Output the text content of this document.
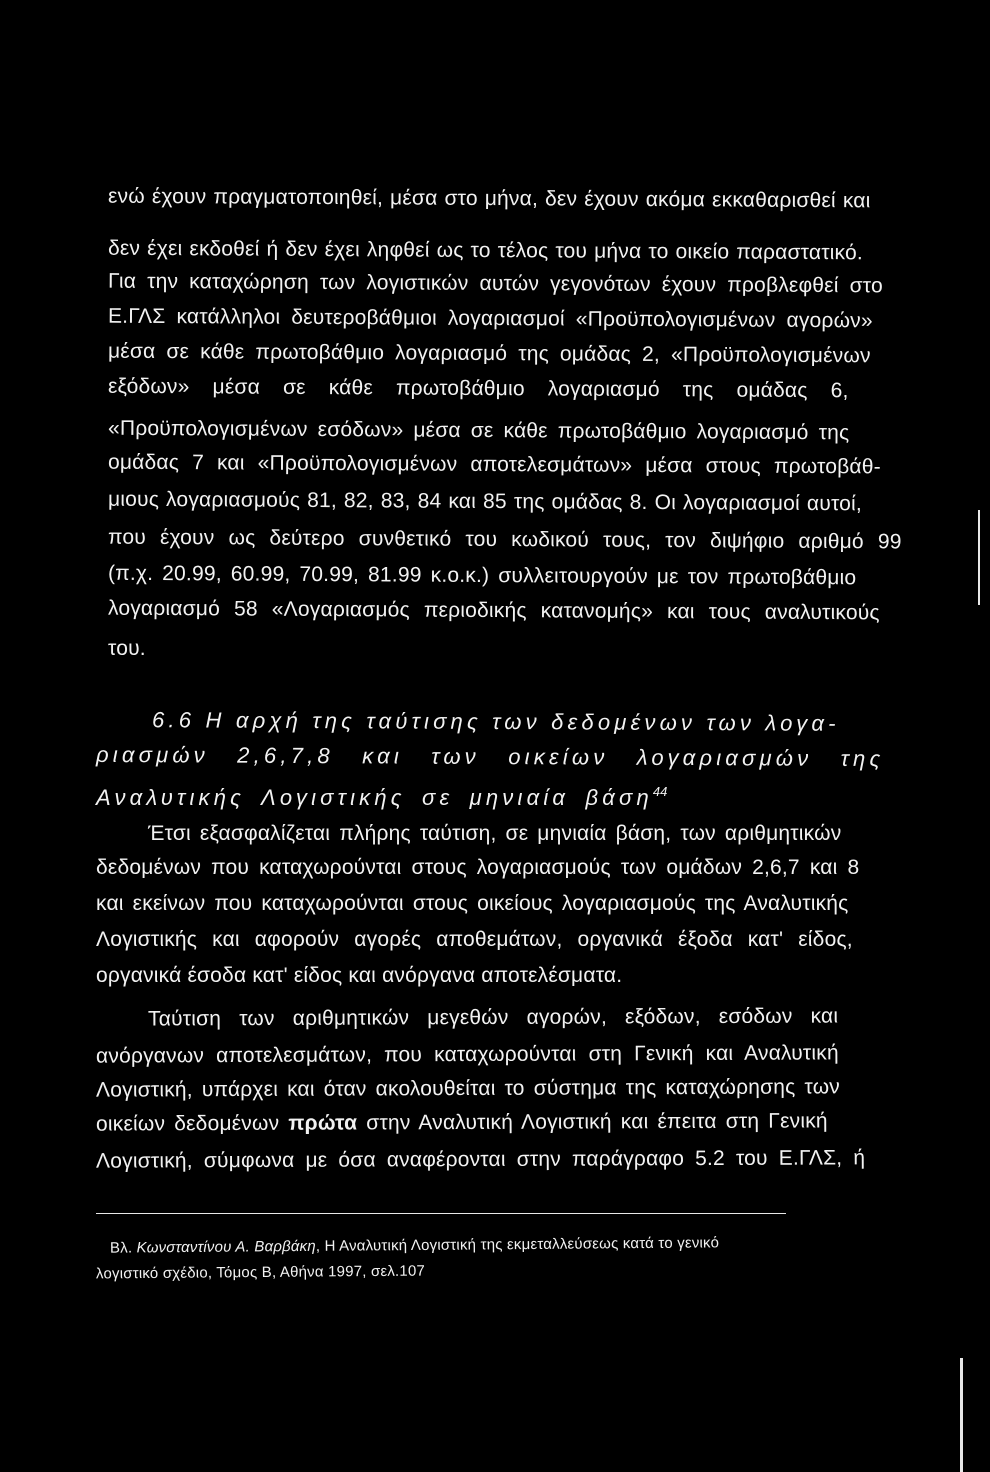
ενώ έχουν πραγματοποιηθεί, μέσα στο μήνα, δεν έχουν ακόμα εκκαθαρισθεί και
δεν έχει εκδοθεί ή δεν έχει ληφθεί ως το τέλος του μήνα το οικείο παραστατικό.
Για την καταχώρηση των λογιστικών αυτών γεγονότων έχουν προβλεφθεί στο
Ε.ΓΛΣ κατάλληλοι δευτεροβάθμιοι λογαριασμοί «Προϋπολογισμένων αγορών»
μέσα σε κάθε πρωτοβάθμιο λογαριασμό της ομάδας 2, «Προϋπολογισμένων
εξόδων» μέσα σε κάθε πρωτοβάθμιο λογαριασμό της ομάδας 6,
«Προϋπολογισμένων εσόδων» μέσα σε κάθε πρωτοβάθμιο λογαριασμό της
ομάδας 7 και «Προϋπολογισμένων αποτελεσμάτων» μέσα στους πρωτοβάθ-
μιους λογαριασμούς 81, 82, 83, 84 και 85 της ομάδας 8. Οι λογαριασμοί αυτοί,
που έχουν ως δεύτερο συνθετικό του κωδικού τους, τον διψήφιο αριθμό 99
(π.χ. 20.99, 60.99, 70.99, 81.99 κ.ο.κ.) συλλειτουργούν με τον πρωτοβάθμιο
λογαριασμό 58 «Λογαριασμός περιοδικής κατανομής» και τους αναλυτικούς
του.
6.6 Η αρχή της ταύτισης των δεδομένων των λογα-
ριασμών 2,6,7,8 και των οικείων λογαριασμών της
Αναλυτικής Λογιστικής σε μηνιαία βάση$^{44}$
Έτσι εξασφαλίζεται πλήρης ταύτιση, σε μηνιαία βάση, των αριθμητικών
δεδομένων που καταχωρούνται στους λογαριασμούς των ομάδων 2,6,7 και 8
και εκείνων που καταχωρούνται στους οικείους λογαριασμούς της Αναλυτικής
Λογιστικής και αφορούν αγορές αποθεμάτων, οργανικά έξοδα κατ' είδος,
οργανικά έσοδα κατ' είδος και ανόργανα αποτελέσματα.
Ταύτιση των αριθμητικών μεγεθών αγορών, εξόδων, εσόδων και
ανόργανων αποτελεσμάτων, που καταχωρούνται στη Γενική και Αναλυτική
Λογιστική, υπάρχει και όταν ακολουθείται το σύστημα της καταχώρησης των
οικείων δεδομένων πρώτα στην Αναλυτική Λογιστική και έπειτα στη Γενική
Λογιστική, σύμφωνα με όσα αναφέρονται στην παράγραφο 5.2 του Ε.ΓΛΣ, ή
Βλ. Κωνσταντίνου Α. Βαρβάκη, Η Αναλυτική Λογιστική της εκμεταλλεύσεως κατά το γενικό
λογιστικό σχέδιο, Τόμος Β, Αθήνα 1997, σελ.107
